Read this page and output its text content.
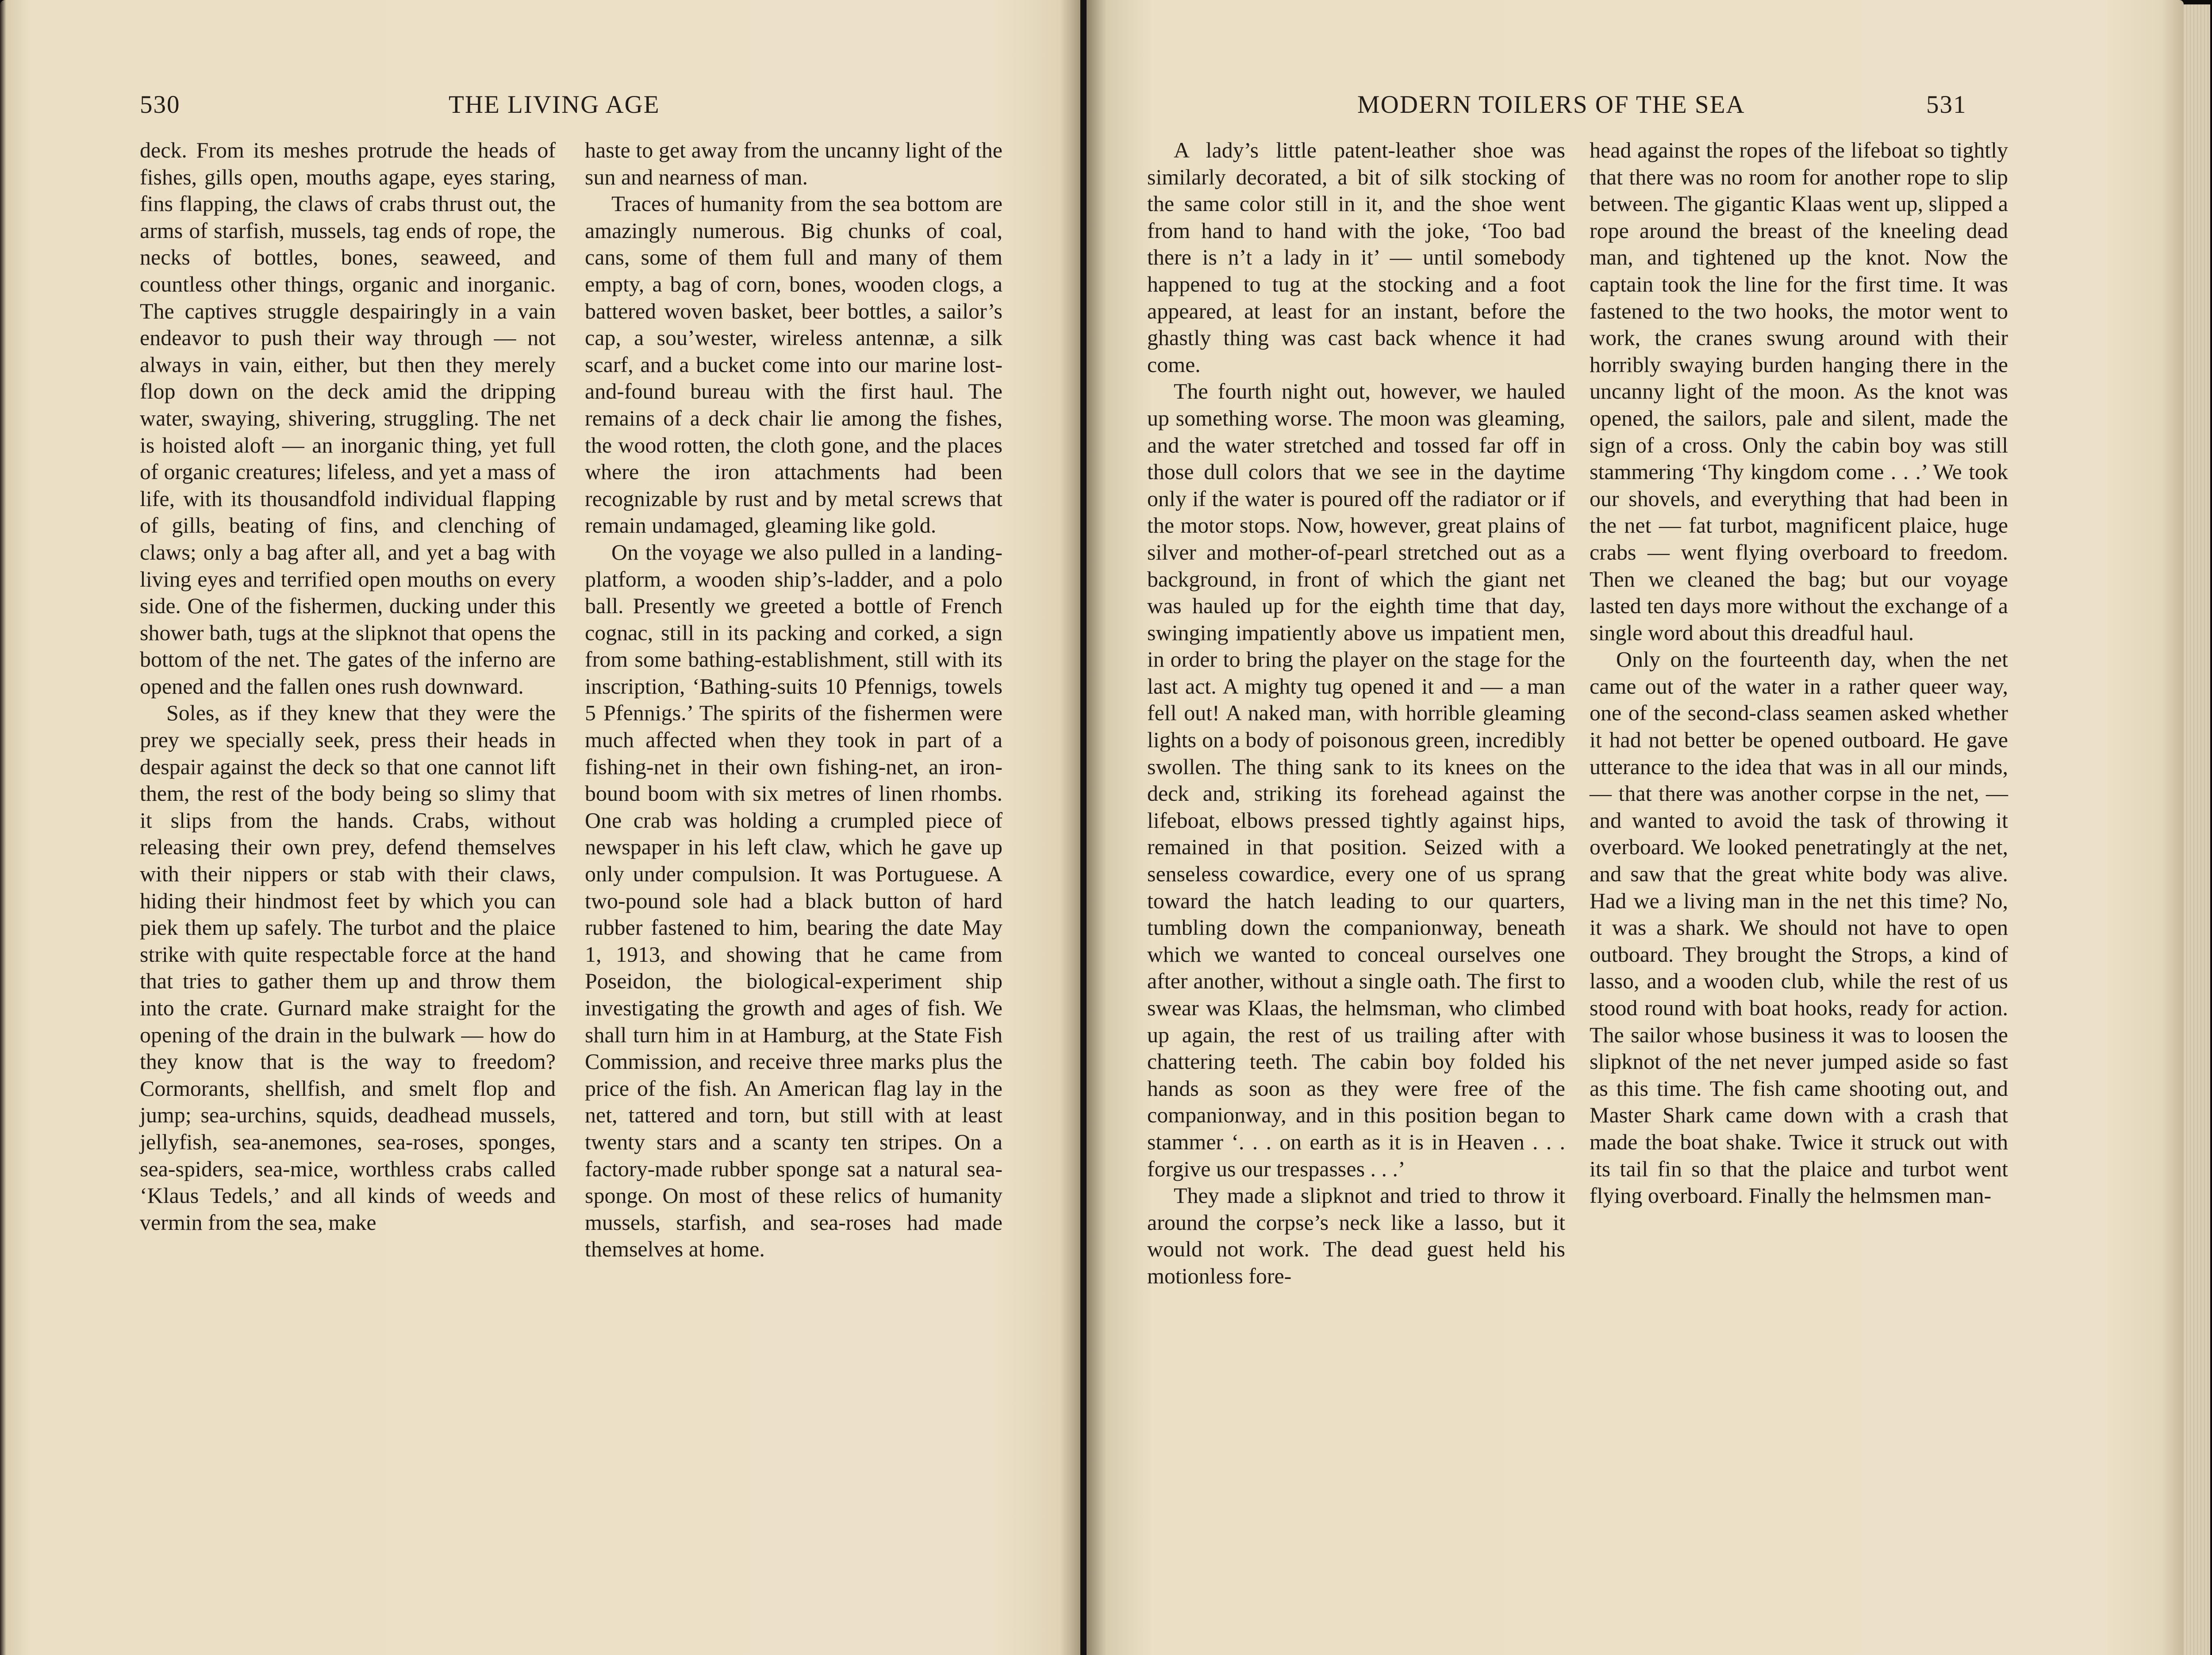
530	THE LIVING AGE

deck. From its meshes protrude the heads of fishes, gills open, mouths agape, eyes staring, fins flapping, the claws of crabs thrust out, the arms of starfish, mussels, tag ends of rope, the necks of bottles, bones, seaweed, and countless other things, organic and inorganic. The captives struggle despairingly in a vain endeavor to push their way through — not always in vain, either, but then they merely flop down on the deck amid the dripping water, swaying, shivering, struggling. The net is hoisted aloft — an inorganic thing, yet full of organic creatures; lifeless, and yet a mass of life, with its thousandfold individual flapping of gills, beating of fins, and clenching of claws; only a bag after all, and yet a bag with living eyes and terrified open mouths on every side. One of the fishermen, ducking under this shower bath, tugs at the slipknot that opens the bottom of the net. The gates of the inferno are opened and the fallen ones rush downward.

Soles, as if they knew that they were the prey we specially seek, press their heads in despair against the deck so that one cannot lift them, the rest of the body being so slimy that it slips from the hands. Crabs, without releasing their own prey, defend themselves with their nippers or stab with their claws, hiding their hindmost feet by which you can piek them up safely. The turbot and the plaice strike with quite respectable force at the hand that tries to gather them up and throw them into the crate. Gurnard make straight for the opening of the drain in the bulwark — how do they know that is the way to freedom? Cormorants, shellfish, and smelt flop and jump; sea-urchins, squids, deadhead mussels, jellyfish, sea-anemones, sea-roses, sponges, sea-spiders, sea-mice, worthless crabs called ‘Klaus Tedels,’ and all kinds of weeds and vermin from the sea, make

haste to get away from the uncanny light of the sun and nearness of man.

Traces of humanity from the sea bottom are amazingly numerous. Big chunks of coal, cans, some of them full and many of them empty, a bag of corn, bones, wooden clogs, a battered woven basket, beer bottles, a sailor’s cap, a sou’wester, wireless antennæ, a silk scarf, and a bucket come into our marine lost-and-found bureau with the first haul. The remains of a deck chair lie among the fishes, the wood rotten, the cloth gone, and the places where the iron attachments had been recognizable by rust and by metal screws that remain undamaged, gleaming like gold.

On the voyage we also pulled in a landing-platform, a wooden ship’s-ladder, and a polo ball. Presently we greeted a bottle of French cognac, still in its packing and corked, a sign from some bathing-establishment, still with its inscription, ‘Bathing-suits 10 Pfennigs, towels 5 Pfennigs.’ The spirits of the fishermen were much affected when they took in part of a fishing-net in their own fishing-net, an iron-bound boom with six metres of linen rhombs. One crab was holding a crumpled piece of newspaper in his left claw, which he gave up only under compulsion. It was Portuguese. A two-pound sole had a black button of hard rubber fastened to him, bearing the date May 1, 1913, and showing that he came from Poseidon, the biological-experiment ship investigating the growth and ages of fish. We shall turn him in at Hamburg, at the State Fish Commission, and receive three marks plus the price of the fish. An American flag lay in the net, tattered and torn, but still with at least twenty stars and a scanty ten stripes. On a factory-made rubber sponge sat a natural sea-sponge. On most of these relics of humanity mussels, starfish, and sea-roses had made themselves at home.

MODERN TOILERS OF THE SEA	531

A lady’s little patent-leather shoe was similarly decorated, a bit of silk stocking of the same color still in it, and the shoe went from hand to hand with the joke, ‘Too bad there is n’t a lady in it’ — until somebody happened to tug at the stocking and a foot appeared, at least for an instant, before the ghastly thing was cast back whence it had come.

The fourth night out, however, we hauled up something worse. The moon was gleaming, and the water stretched and tossed far off in those dull colors that we see in the daytime only if the water is poured off the radiator or if the motor stops. Now, however, great plains of silver and mother-of-pearl stretched out as a background, in front of which the giant net was hauled up for the eighth time that day, swinging impatiently above us impatient men, in order to bring the player on the stage for the last act. A mighty tug opened it and — a man fell out! A naked man, with horrible gleaming lights on a body of poisonous green, incredibly swollen. The thing sank to its knees on the deck and, striking its forehead against the lifeboat, elbows pressed tightly against hips, remained in that position. Seized with a senseless cowardice, every one of us sprang toward the hatch leading to our quarters, tumbling down the companionway, beneath which we wanted to conceal ourselves one after another, without a single oath. The first to swear was Klaas, the helmsman, who climbed up again, the rest of us trailing after with chattering teeth. The cabin boy folded his hands as soon as they were free of the companionway, and in this position began to stammer ‘. . . on earth as it is in Heaven . . . forgive us our trespasses . . .’

They made a slipknot and tried to throw it around the corpse’s neck like a lasso, but it would not work. The dead guest held his motionless fore-

head against the ropes of the lifeboat so tightly that there was no room for another rope to slip between. The gigantic Klaas went up, slipped a rope around the breast of the kneeling dead man, and tightened up the knot. Now the captain took the line for the first time. It was fastened to the two hooks, the motor went to work, the cranes swung around with their horribly swaying burden hanging there in the uncanny light of the moon. As the knot was opened, the sailors, pale and silent, made the sign of a cross. Only the cabin boy was still stammering ‘Thy kingdom come . . .’ We took our shovels, and everything that had been in the net — fat turbot, magnificent plaice, huge crabs — went flying overboard to freedom. Then we cleaned the bag; but our voyage lasted ten days more without the exchange of a single word about this dreadful haul.

Only on the fourteenth day, when the net came out of the water in a rather queer way, one of the second-class seamen asked whether it had not better be opened outboard. He gave utterance to the idea that was in all our minds, — that there was another corpse in the net, — and wanted to avoid the task of throwing it overboard. We looked penetratingly at the net, and saw that the great white body was alive. Had we a living man in the net this time? No, it was a shark. We should not have to open outboard. They brought the Strops, a kind of lasso, and a wooden club, while the rest of us stood round with boat hooks, ready for action. The sailor whose business it was to loosen the slipknot of the net never jumped aside so fast as this time. The fish came shooting out, and Master Shark came down with a crash that made the boat shake. Twice it struck out with its tail fin so that the plaice and turbot went flying overboard. Finally the helmsmen man-
